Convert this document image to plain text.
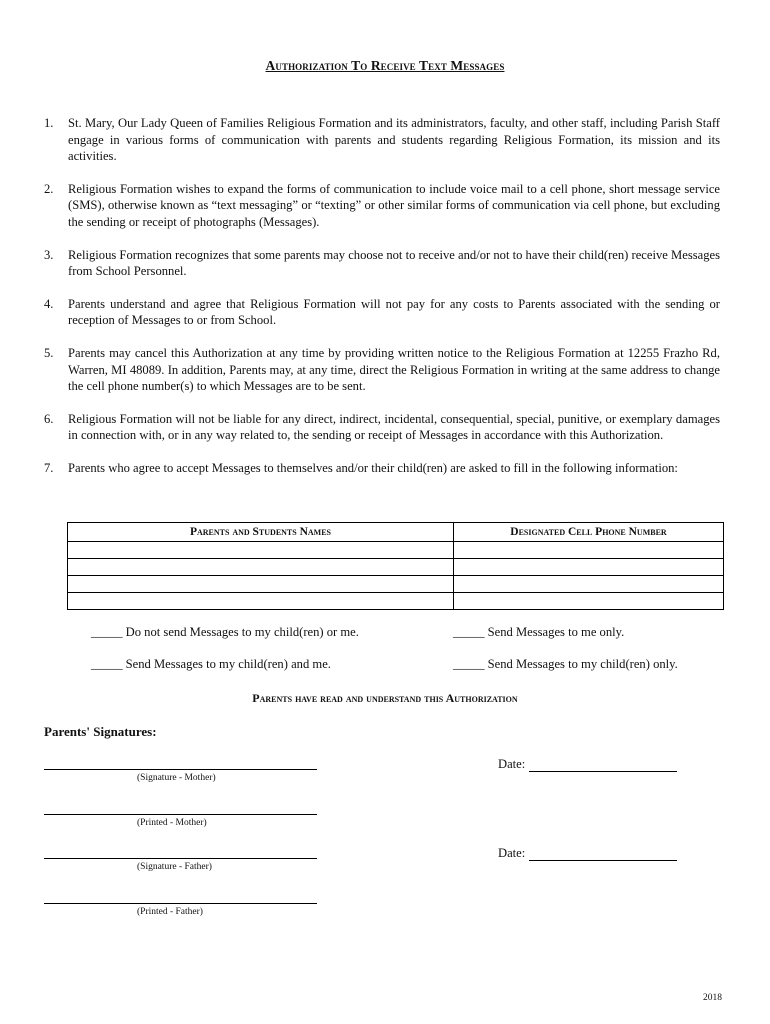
Authorization To Receive Text Messages
1.	St. Mary, Our Lady Queen of Families Religious Formation and its administrators, faculty, and other staff, including Parish Staff engage in various forms of communication with parents and students regarding Religious Formation, its mission and its activities.
2.	Religious Formation wishes to expand the forms of communication to include voice mail to a cell phone, short message service (SMS), otherwise known as “text messaging” or “texting” or other similar forms of communication via cell phone, but excluding the sending or receipt of photographs (Messages).
3.	Religious Formation recognizes that some parents may choose not to receive and/or not to have their child(ren) receive Messages from School Personnel.
4.	Parents understand and agree that Religious Formation will not pay for any costs to Parents associated with the sending or reception of Messages to or from School.
5.	Parents may cancel this Authorization at any time by providing written notice to the Religious Formation at 12255 Frazho Rd, Warren, MI 48089. In addition, Parents may, at any time, direct the Religious Formation in writing at the same address to change the cell phone number(s) to which Messages are to be sent.
6.	Religious Formation will not be liable for any direct, indirect, incidental, consequential, special, punitive, or exemplary damages in connection with, or in any way related to, the sending or receipt of Messages in accordance with this Authorization.
7.	Parents who agree to accept Messages to themselves and/or their child(ren) are asked to fill in the following information:
Parents and Students Names	Designated Cell Phone Number

_____ Do not send Messages to my child(ren) or me.	_____ Send Messages to me only.
_____ Send Messages to my child(ren) and me.	_____ Send Messages to my child(ren) only.
Parents have read and understand this Authorization
Parents' Signatures:
(Signature - Mother)
Date:
(Printed - Mother)
(Signature - Father)
Date:
(Printed - Father)
2018
